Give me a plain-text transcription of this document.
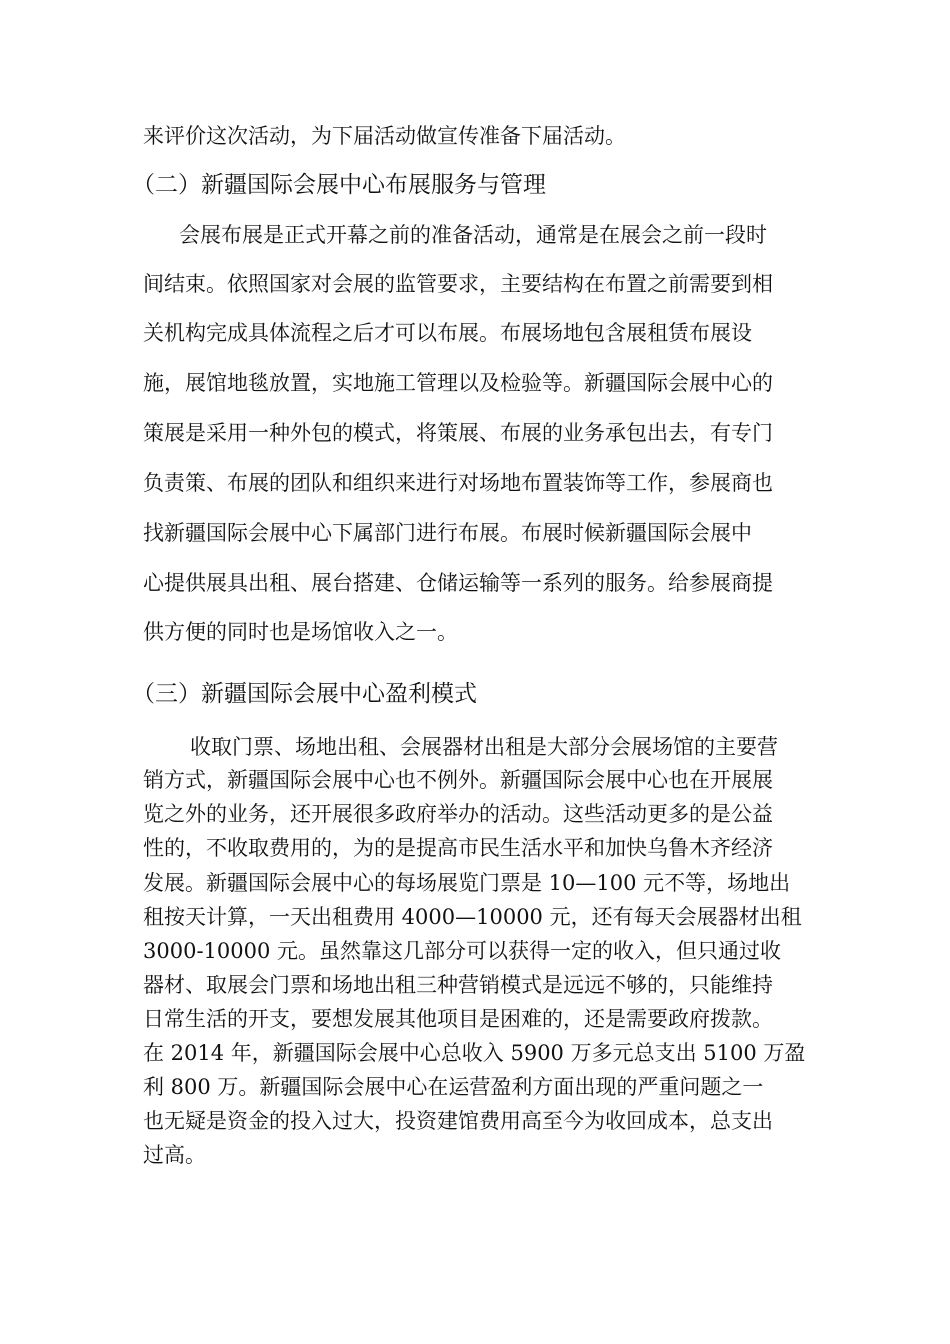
来评价这次活动，为下届活动做宣传准备下届活动。
（二）新疆国际会展中心布展服务与管理
会展布展是正式开幕之前的准备活动，通常是在展会之前一段时
间结束。依照国家对会展的监管要求，主要结构在布置之前需要到相
关机构完成具体流程之后才可以布展。布展场地包含展租赁布展设
施，展馆地毯放置，实地施工管理以及检验等。新疆国际会展中心的
策展是采用一种外包的模式，将策展、布展的业务承包出去，有专门
负责策、布展的团队和组织来进行对场地布置装饰等工作，参展商也
找新疆国际会展中心下属部门进行布展。布展时候新疆国际会展中
心提供展具出租、展台搭建、仓储运输等一系列的服务。给参展商提
供方便的同时也是场馆收入之一。
（三）新疆国际会展中心盈利模式
收取门票、场地出租、会展器材出租是大部分会展场馆的主要营
销方式，新疆国际会展中心也不例外。新疆国际会展中心也在开展展
览之外的业务，还开展很多政府举办的活动。这些活动更多的是公益
性的，不收取费用的，为的是提高市民生活水平和加快乌鲁木齐经济
发展。新疆国际会展中心的每场展览门票是 10—100 元不等，场地出
租按天计算，一天出租费用 4000—10000 元，还有每天会展器材出租
3000-10000 元。虽然靠这几部分可以获得一定的收入，但只通过收
器材、取展会门票和场地出租三种营销模式是远远不够的，只能维持
日常生活的开支，要想发展其他项目是困难的，还是需要政府拨款。
在 2014 年，新疆国际会展中心总收入 5900 万多元总支出 5100 万盈
利 800 万。新疆国际会展中心在运营盈利方面出现的严重问题之一
也无疑是资金的投入过大，投资建馆费用高至今为收回成本，总支出
过高。
